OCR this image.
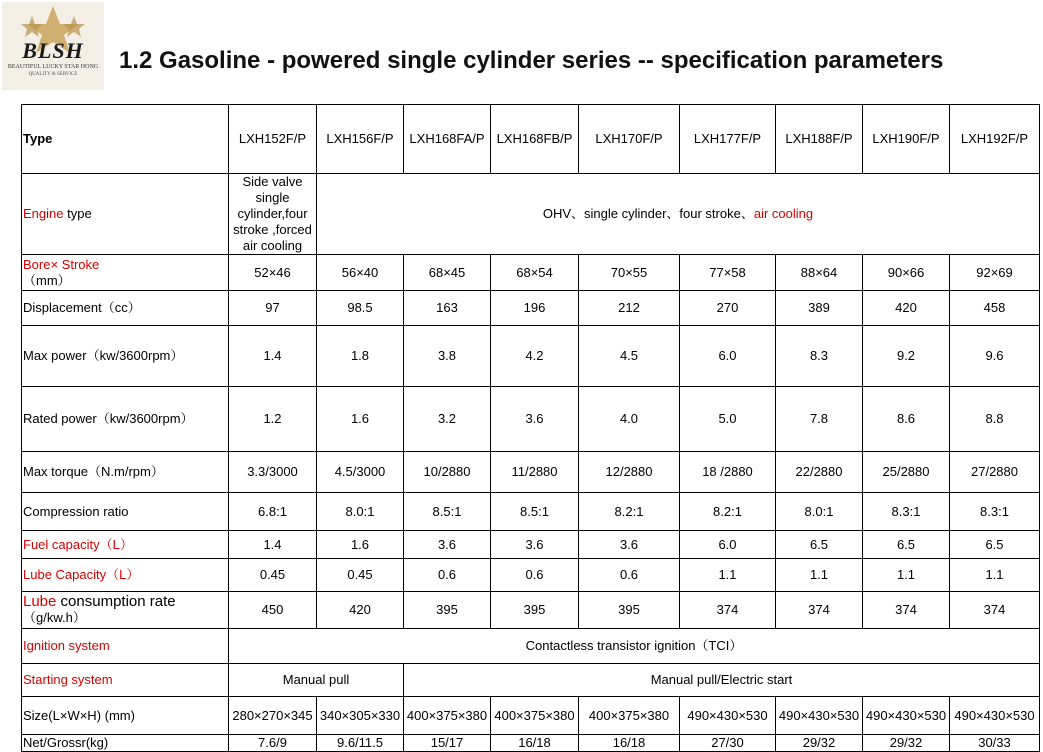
BLSH
BEAUTIFUL LUCKY STAR HONG
QUALITY & SERVICE
1.2 Gasoline - powered single cylinder series -- specification parameters
Type	LXH152F/P	LXH156F/P	LXH168FA/P	LXH168FB/P	LXH170F/P	LXH177F/P	LXH188F/P	LXH190F/P	LXH192F/P
Engine type	Side valve single cylinder,four stroke ,forced air cooling	OHV、single cylinder、four stroke、air cooling							
Bore× Stroke
（mm）	52×46	56×40	68×45	68×54	70×55	77×58	88×64	90×66	92×69
Displacement（cc）	97	98.5	163	196	212	270	389	420	458
Max power（kw/3600rpm）	1.4	1.8	3.8	4.2	4.5	6.0	8.3	9.2	9.6
Rated power（kw/3600rpm）	1.2	1.6	3.2	3.6	4.0	5.0	7.8	8.6	8.8
Max torque（N.m/rpm）	3.3/3000	4.5/3000	10/2880	11/2880	12/2880	18 /2880	22/2880	25/2880	27/2880
Compression ratio	6.8:1	8.0:1	8.5:1	8.5:1	8.2:1	8.2:1	8.0:1	8.3:1	8.3:1
Fuel capacity（L）	1.4	1.6	3.6	3.6	3.6	6.0	6.5	6.5	6.5
Lube Capacity（L）	0.45	0.45	0.6	0.6	0.6	1.1	1.1	1.1	1.1
Lube consumption rate
（g/kw.h）	450	420	395	395	395	374	374	374	374
Ignition system	Contactless transistor ignition（TCI）								
Starting system	Manual pull		Manual pull/Electric start						
Size(L×W×H) (mm)	280×270×345	340×305×330	400×375×380	400×375×380	400×375×380	490×430×530	490×430×530	490×430×530	490×430×530
Net/Grossr(kg)	7.6/9	9.6/11.5	15/17	16/18	16/18	27/30	29/32	29/32	30/33
